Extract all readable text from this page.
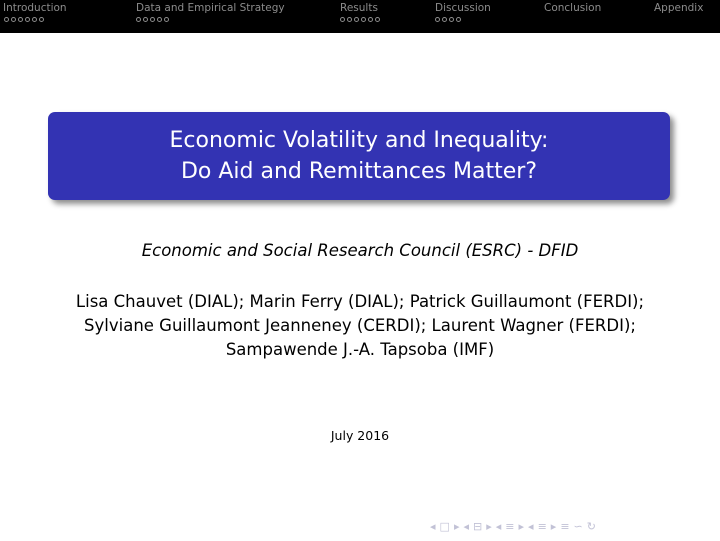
Introduction	Data and Empirical Strategy	Results	Discussion	Conclusion	Appendix
Economic Volatility and Inequality:
Do Aid and Remittances Matter?
Economic and Social Research Council (ESRC) - DFID
Lisa Chauvet (DIAL); Marin Ferry (DIAL); Patrick Guillaumont (FERDI); Sylviane Guillaumont Jeanneney (CERDI); Laurent Wagner (FERDI); Sampawende J.-A. Tapsoba (IMF)
July 2016
◂ □ ▸ ◂ ⊟ ▸ ◂ ≡ ▸ ◂ ≡ ▸ ≡ ∽ ↻
